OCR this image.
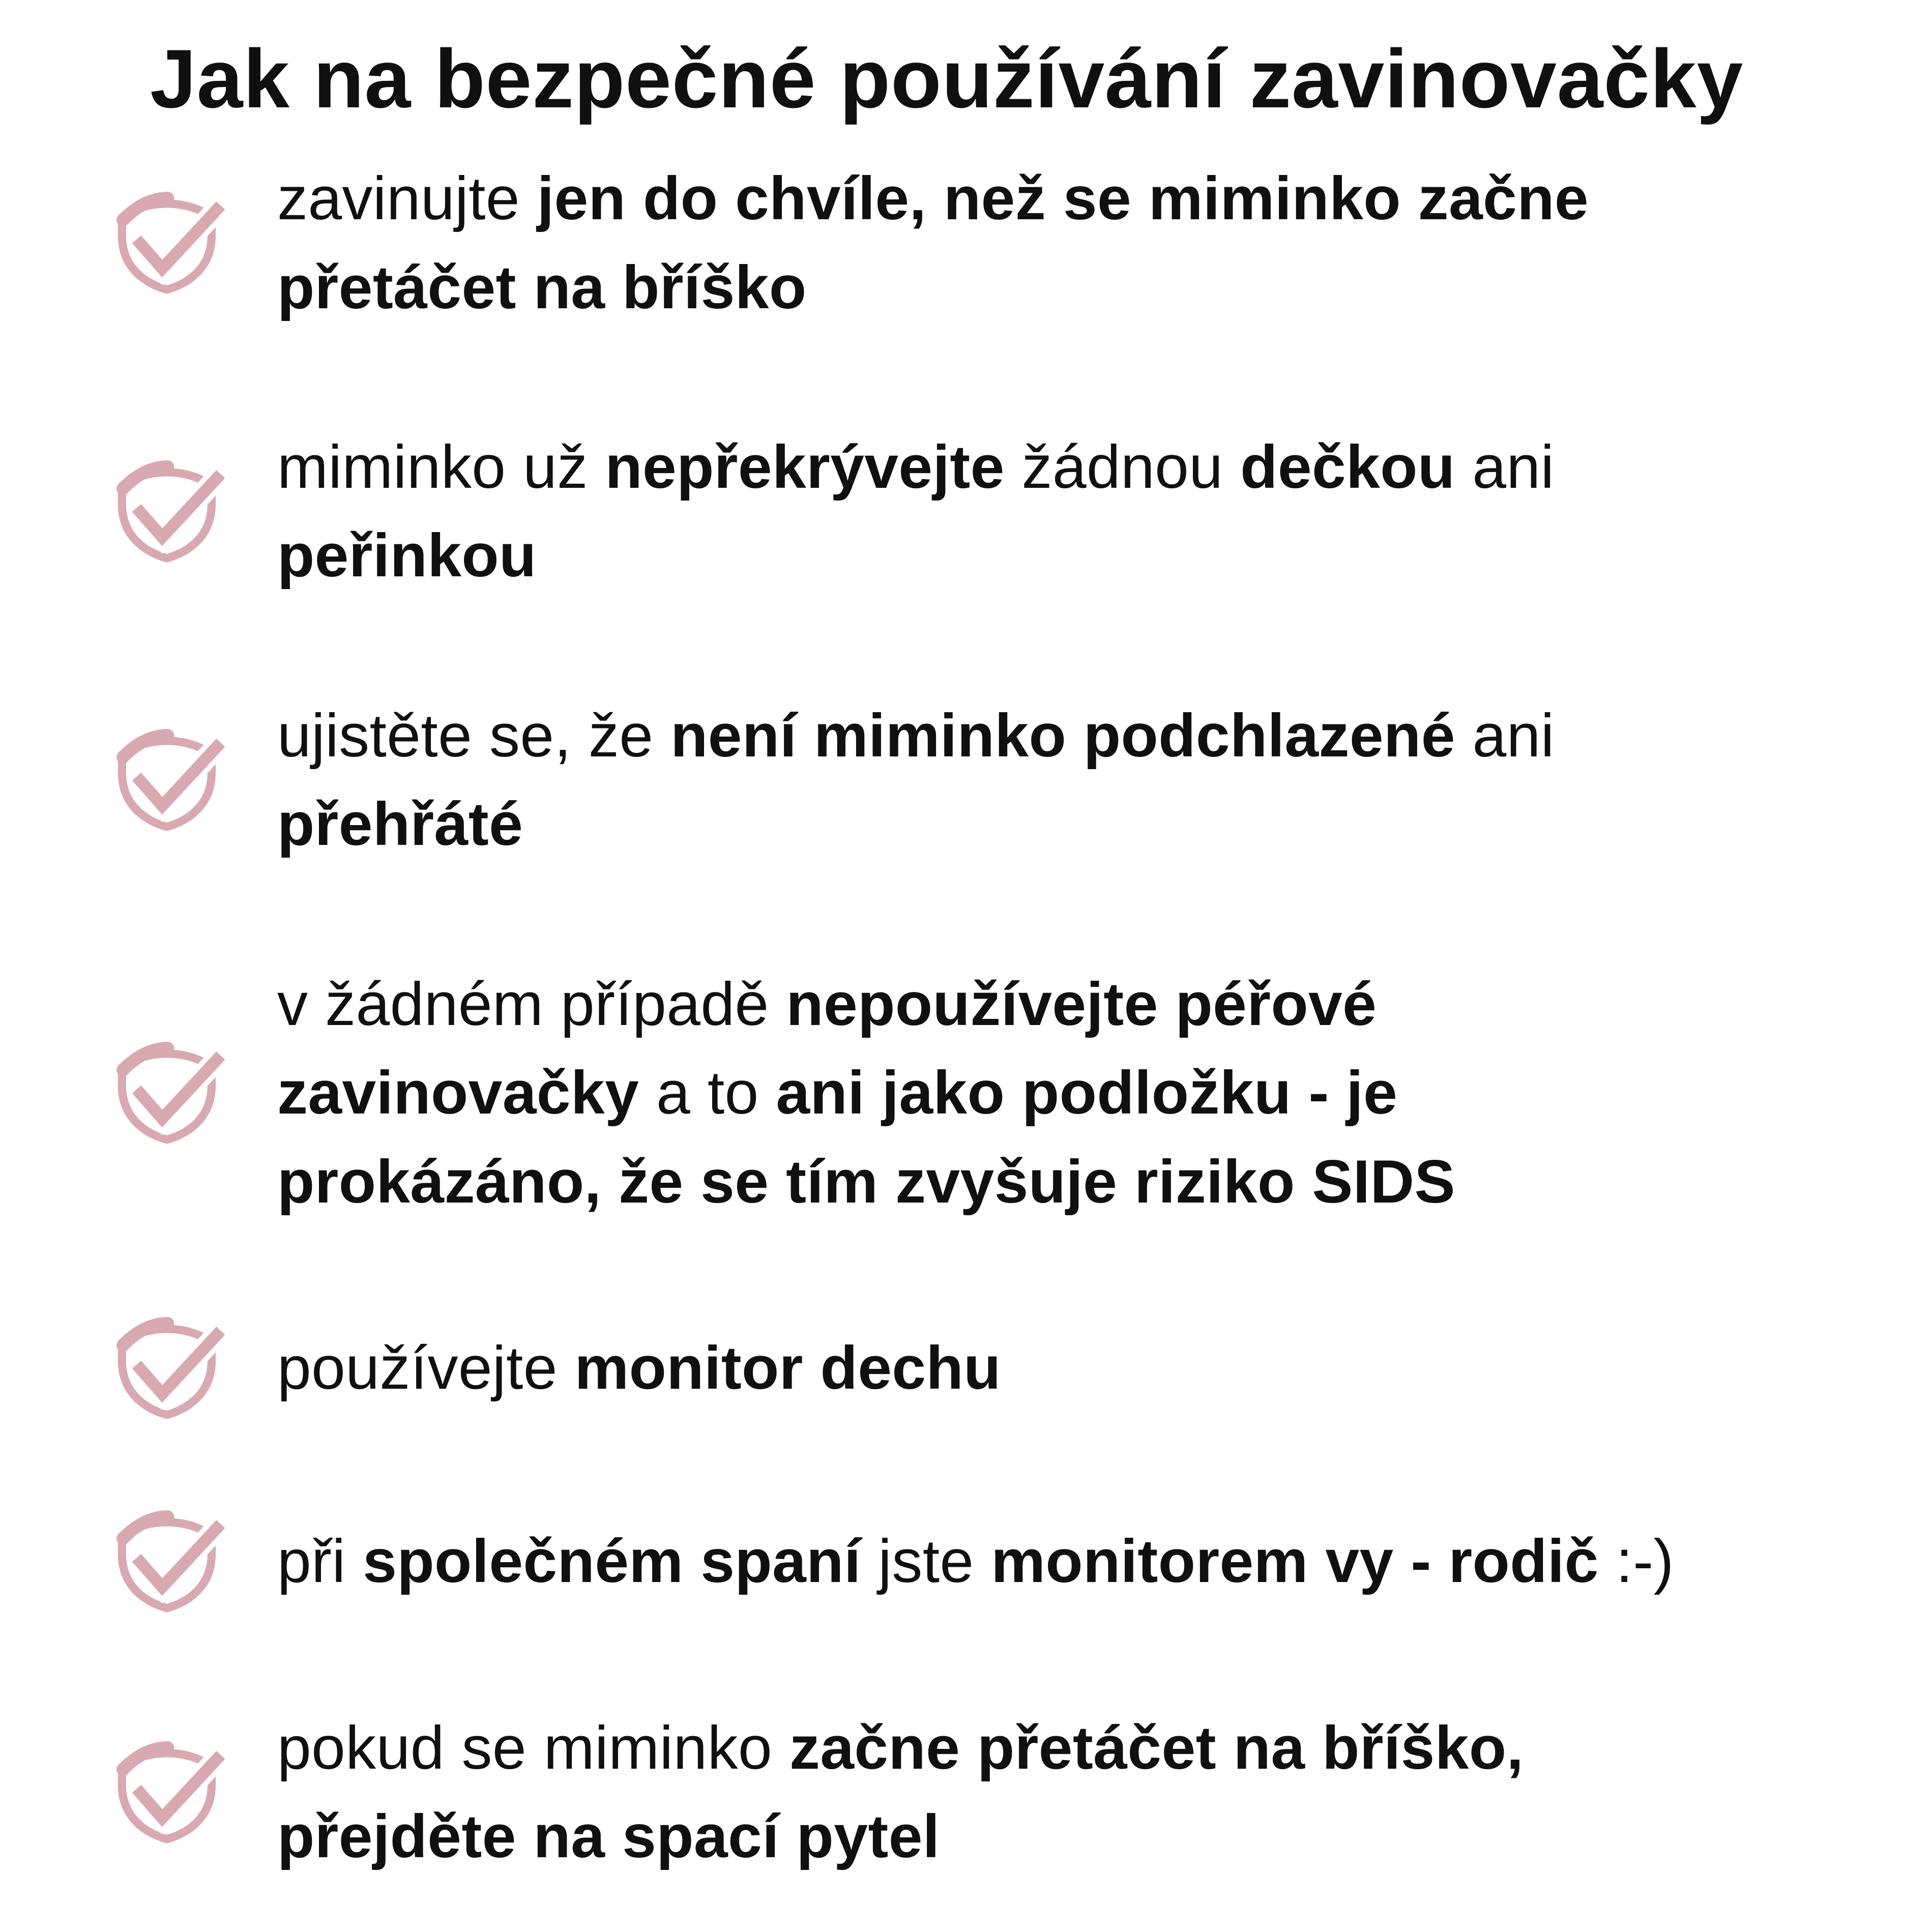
Jak na bezpečné používání zavinovačky
zavinujte jen do chvíle, než se miminko začne
přetáčet na bříško
miminko už nepřekrývejte žádnou dečkou ani
peřinkou
ujistěte se, že není miminko podchlazené ani
přehřáté
v žádném případě nepoužívejte péřové
zavinovačky a to ani jako podložku - je
prokázáno, že se tím zvyšuje riziko SIDS
používejte monitor dechu
při společném spaní jste monitorem vy - rodič :-)
pokud se miminko začne přetáčet na bříško,
přejděte na spací pytel
